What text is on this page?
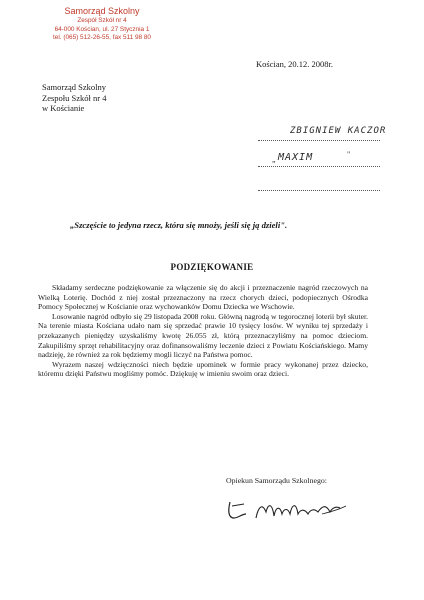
Samorząd Szkolny
Zespół Szkół nr 4
64-000 Kościan, ul. 27 Stycznia 1
tel. (065) 512-26-55, fax 511 98 80
Kościan, 20.12. 2008r.
Samorząd Szkolny
Zespołu Szkół nr 4
w Kościanie
ZBIGNIEW KACZOR
„ MAXIM	"
„Szczęście to jedyna rzecz, która się mnoży, jeśli się ją dzieli".
PODZIĘKOWANIE

Składamy serdeczne podziękowanie za włączenie się do akcji i przeznaczenie nagród rzeczowych na Wielką Loterię. Dochód z niej został przeznaczony na rzecz chorych dzieci, podopiecznych Ośrodka Pomocy Społecznej w Kościanie oraz wychowanków Domu Dziecka we Wschowie.

Losowanie nagród odbyło się 29 listopada 2008 roku. Główną nagrodą w tegorocznej loterii był skuter. Na terenie miasta Kościana udało nam się sprzedać prawie 10 tysięcy losów. W wyniku tej sprzedaży i przekazanych pieniędzy uzyskaliśmy kwotę 26.055 zł, którą przeznaczyliśmy na pomoc dzieciom. Zakupiliśmy sprzęt rehabilitacyjny oraz dofinansowaliśmy leczenie dzieci z Powiatu Kościańskiego. Mamy nadzieję, że również za rok będziemy mogli liczyć na Państwa pomoc.

Wyrazem naszej wdzięczności niech będzie upominek w formie pracy wykonanej przez dziecko, któremu dzięki Państwu mogliśmy pomóc. Dziękuję w imieniu swoim oraz dzieci.

Opiekun Samorządu Szkolnego:
